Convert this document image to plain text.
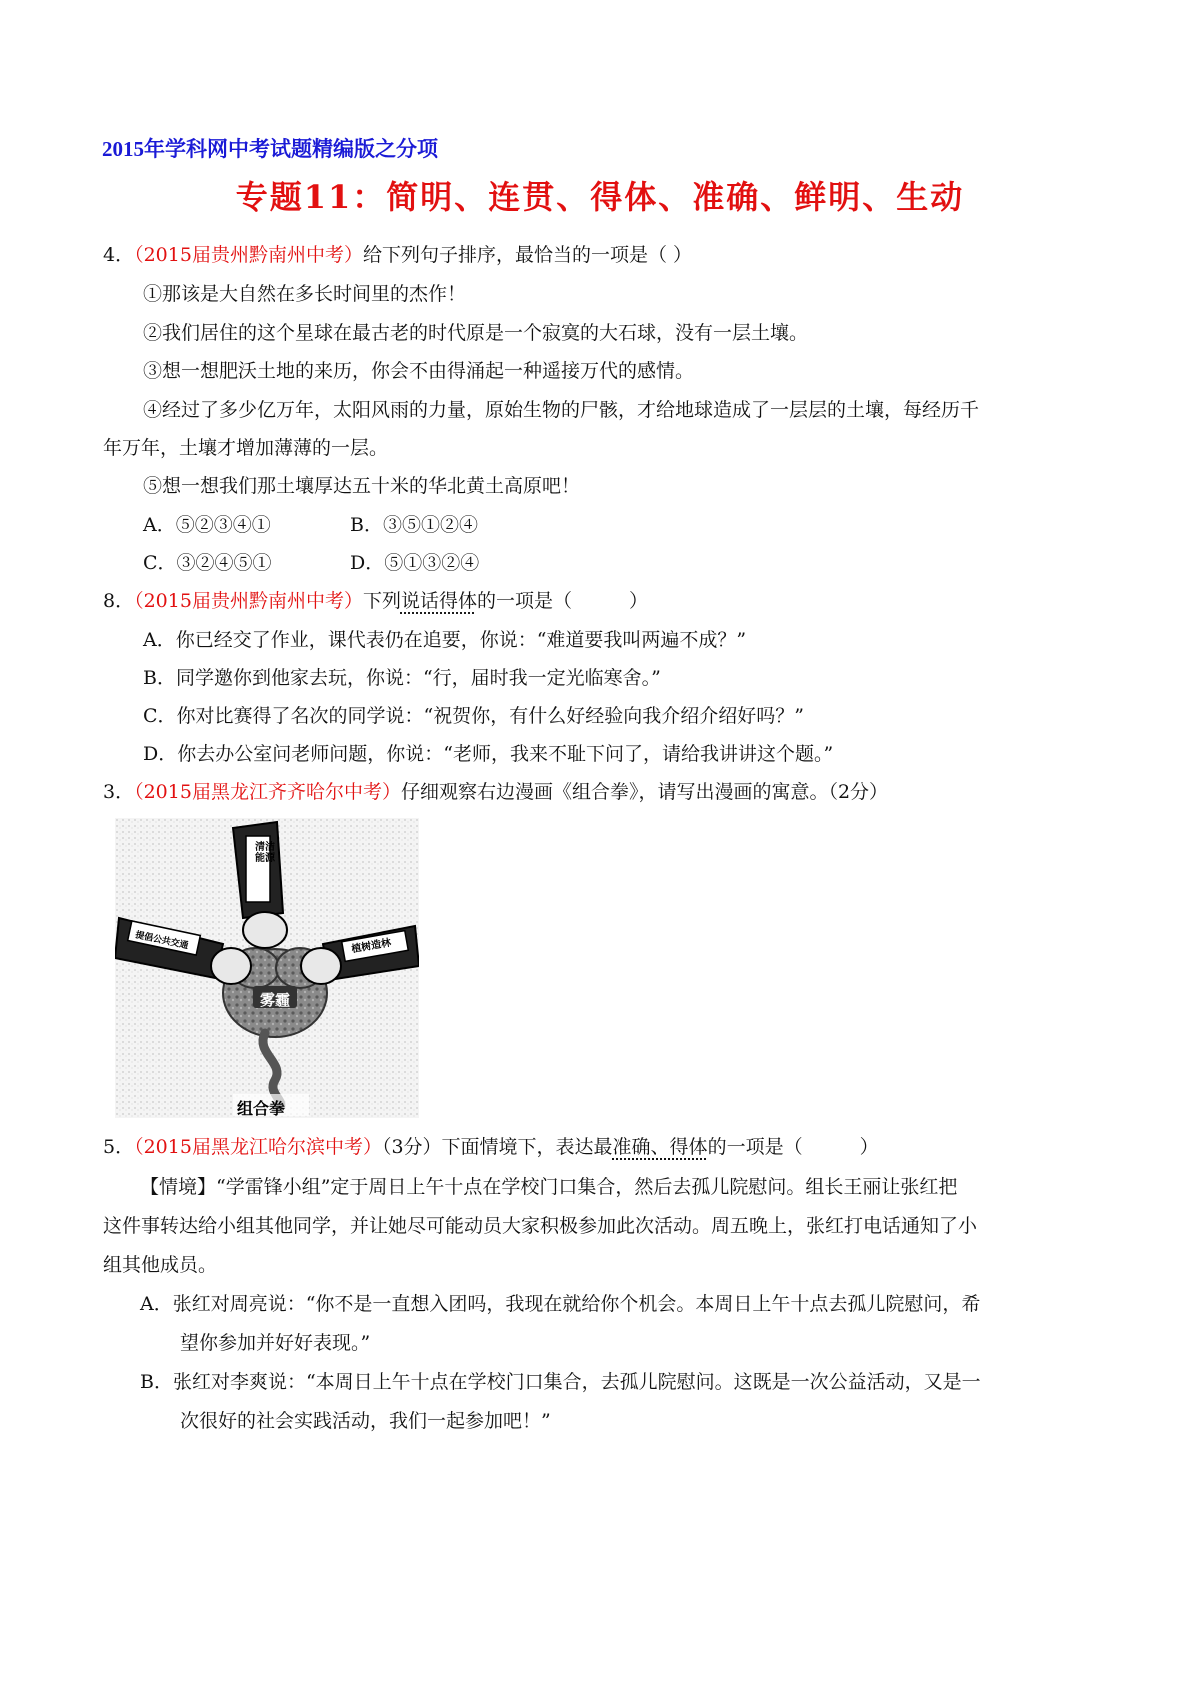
2015年学科网中考试题精编版之分项
专题11：简明、连贯、得体、准确、鲜明、生动
4．（2015届贵州黔南州中考）给下列句子排序，最恰当的一项是（ ）
①那该是大自然在多长时间里的杰作！
②我们居住的这个星球在最古老的时代原是一个寂寞的大石球，没有一层土壤。
③想一想肥沃土地的来历，你会不由得涌起一种遥接万代的感情。
④经过了多少亿万年，太阳风雨的力量，原始生物的尸骸，才给地球造成了一层层的土壤，每经历千
年万年，土壤才增加薄薄的一层。
⑤想一想我们那土壤厚达五十米的华北黄土高原吧！
A．⑤②③④①	B．③⑤①②④
C．③②④⑤①	D．⑤①③②④
8．（2015届贵州黔南州中考）下列说话得体的一项是（　　　）
A．你已经交了作业，课代表仍在追要，你说：“难道要我叫两遍不成？”
B．同学邀你到他家去玩，你说：“行，届时我一定光临寒舍。”
C．你对比赛得了名次的同学说：“祝贺你，有什么好经验向我介绍介绍好吗？”
D．你去办公室问老师问题，你说：“老师，我来不耻下问了，请给我讲讲这个题。”
3．（2015届黑龙江齐齐哈尔中考）仔细观察右边漫画《组合拳》，请写出漫画的寓意。（2分）
清洁能源
提倡公共交通	植树造林
雾霾
组合拳
5．（2015届黑龙江哈尔滨中考）（3分）下面情境下，表达最准确、得体的一项是（　　　）
【情境】“学雷锋小组”定于周日上午十点在学校门口集合，然后去孤儿院慰问。组长王丽让张红把
这件事转达给小组其他同学，并让她尽可能动员大家积极参加此次活动。周五晚上，张红打电话通知了小
组其他成员。
A．张红对周亮说：“你不是一直想入团吗，我现在就给你个机会。本周日上午十点去孤儿院慰问，希
望你参加并好好表现。”
B．张红对李爽说：“本周日上午十点在学校门口集合，去孤儿院慰问。这既是一次公益活动，又是一
次很好的社会实践活动，我们一起参加吧！”
